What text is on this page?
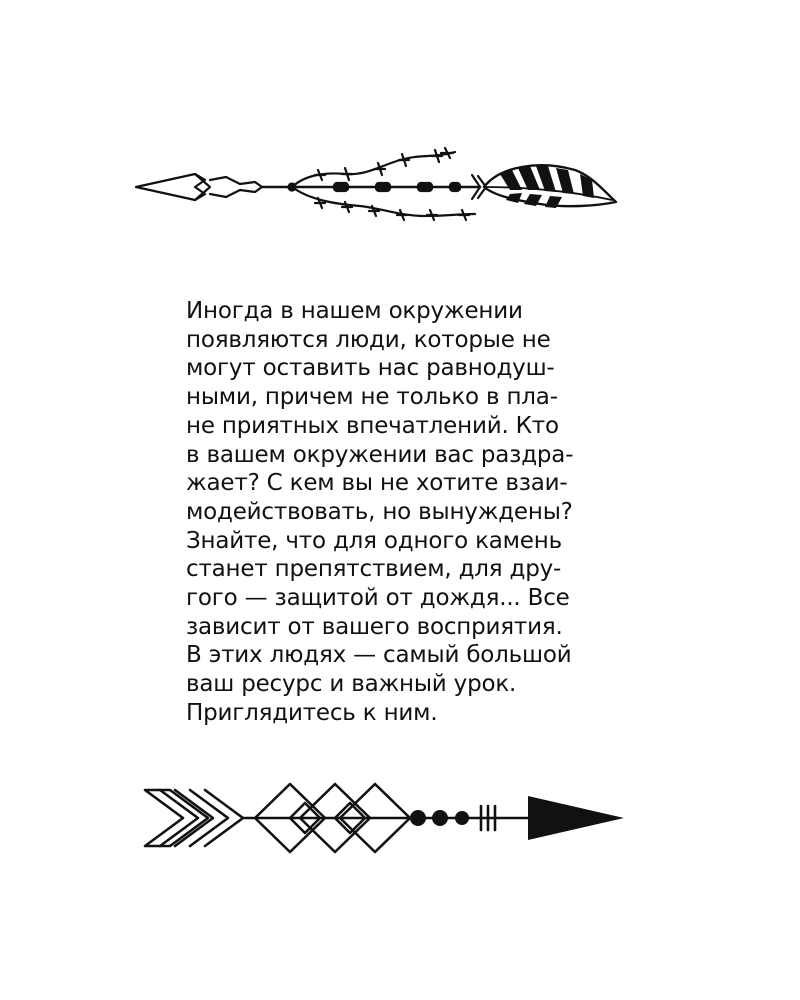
Иногда в нашем окружении
появляются люди, которые не
могут оставить нас равнодуш-
ными, причем не только в пла-
не приятных впечатлений. Кто
в вашем окружении вас раздра-
жает? С кем вы не хотите взаи-
модействовать, но вынуждены?
Знайте, что для одного камень
станет препятствием, для дру-
гого — защитой от дождя... Все
зависит от вашего восприятия.
В этих людях — самый большой
ваш ресурс и важный урок.
Приглядитесь к ним.
